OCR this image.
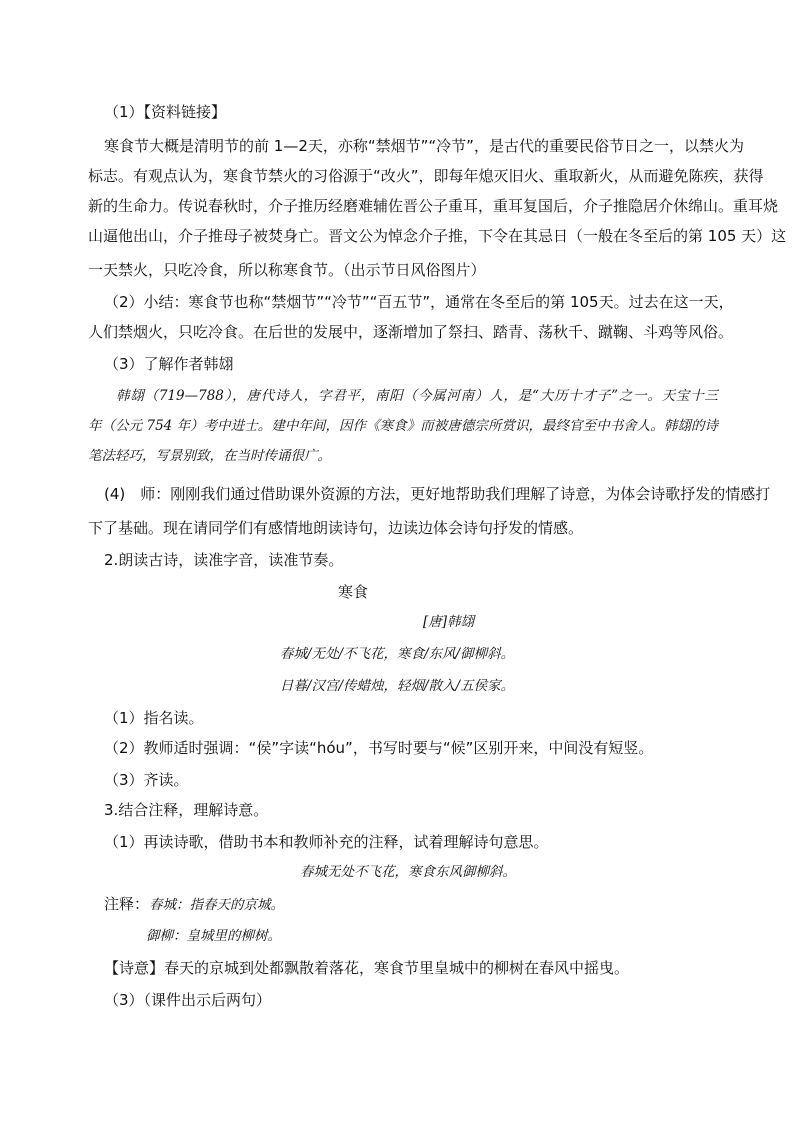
（1）【资料链接】
寒食节大概是清明节的前 1—2天，亦称“禁烟节”“冷节”，是古代的重要民俗节日之一，以禁火为
标志。有观点认为，寒食节禁火的习俗源于“改火”，即每年熄灭旧火、重取新火，从而避免陈疾，获得
新的生命力。传说春秋时，介子推历经磨难辅佐晋公子重耳，重耳复国后，介子推隐居介休绵山。重耳烧
山逼他出山，介子推母子被焚身亡。晋文公为悼念介子推，下令在其忌日（一般在冬至后的第 105 天）这
一天禁火，只吃冷食，所以称寒食节。（出示节日风俗图片）
（2）小结：寒食节也称“禁烟节”“冷节”“百五节”，通常在冬至后的第 105天。过去在这一天，
人们禁烟火，只吃冷食。在后世的发展中，逐渐增加了祭扫、踏青、荡秋千、蹴鞠、斗鸡等风俗。
（3）了解作者韩翃
韩翃（719—788），唐代诗人，字君平，南阳（今属河南）人，是“大历十才子”之一。天宝十三
年（公元 754 年）考中进士。建中年间，因作《寒食》而被唐德宗所赏识，最终官至中书舍人。韩翃的诗
笔法轻巧，写景别致，在当时传诵很广。
(4)　师：刚刚我们通过借助课外资源的方法，更好地帮助我们理解了诗意，为体会诗歌抒发的情感打
下了基础。现在请同学们有感情地朗读诗句，边读边体会诗句抒发的情感。
2.朗读古诗，读准字音，读准节奏。
寒食
[唐]韩翃
春城/无处/不飞花，寒食/东风/御柳斜。
日暮/汉宫/传蜡烛，轻烟/散入/五侯家。
（1）指名读。
（2）教师适时强调：“侯”字读“hóu”，书写时要与“候”区别开来，中间没有短竖。
（3）齐读。
3.结合注释，理解诗意。
（1）再读诗歌，借助书本和教师补充的注释，试着理解诗句意思。
春城无处不飞花，寒食东风御柳斜。
注释：春城：指春天的京城。
御柳：皇城里的柳树。
【诗意】春天的京城到处都飘散着落花，寒食节里皇城中的柳树在春风中摇曳。
（3）（课件出示后两句）
